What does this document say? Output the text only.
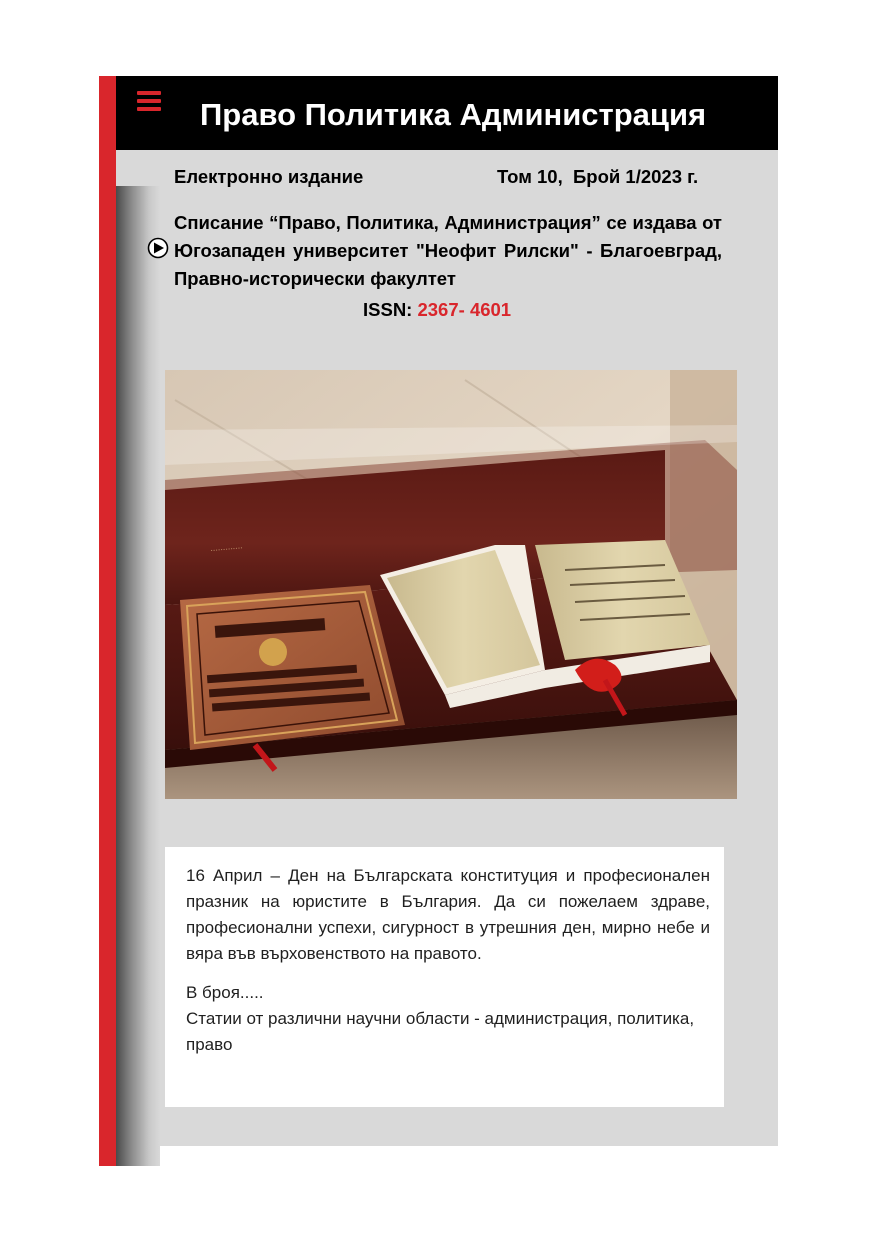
Право Политика Администрация
Електронно издание	Том 10,  Брой 1/2023 г.
Списание “Право, Политика, Администрация” се издава от Югозападен университет "Неофит Рилски" - Благоевград, Правно-исторически факултет
ISSN: 2367- 4601
.............

16 Април – Ден на Българската конституция и професионален празник на юристите в България. Да си пожелаем здраве, професионални успехи, сигурност в утрешния ден, мирно небе и вяра във върховенството на правото.

В броя.....

Статии от различни научни области - администрация, политика, право
